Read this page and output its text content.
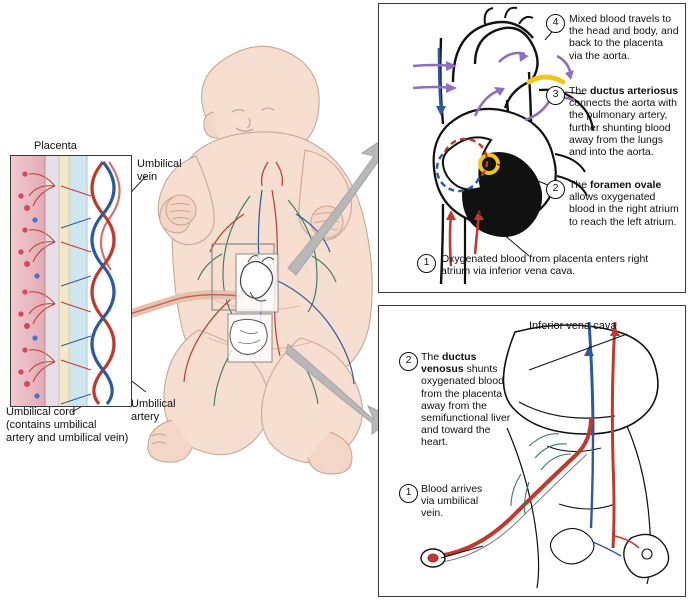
Placenta
Umbilical
vein
Umbilical
artery
Umbilical cord
(contains umbilical
artery and umbilical vein)
4	Mixed blood travels to the head and body, and back to the placenta via the aorta.
3	The ductus arteriosus connects the aorta with the pulmonary artery, further shunting blood away from the lungs and into the aorta.
2	The foramen ovale allows oxygenated blood in the right atrium to reach the left atrium.
1	Oxygenated blood from placenta enters right atrium via inferior vena cava.
Inferior vena cava
2 The ductus venosus shunts oxygenated blood from the placenta away from the semifunctional liver and toward the heart.
1 Blood arrives via umbilical vein.
